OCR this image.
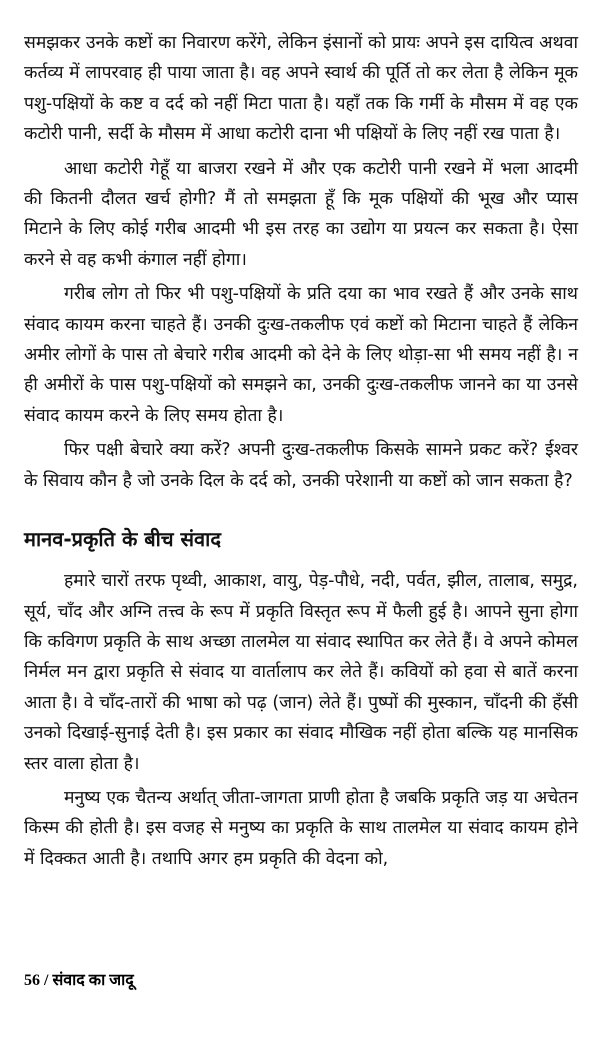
समझकर उनके कष्टों का निवारण करेंगे, लेकिन इंसानों को प्रायः अपने इस दायित्व अथवा कर्तव्य में लापरवाह ही पाया जाता है। वह अपने स्वार्थ की पूर्ति तो कर लेता है लेकिन मूक पशु-पक्षियों के कष्ट व दर्द को नहीं मिटा पाता है। यहाँ तक कि गर्मी के मौसम में वह एक कटोरी पानी, सर्दी के मौसम में आधा कटोरी दाना भी पक्षियों के लिए नहीं रख पाता है।

आधा कटोरी गेहूँ या बाजरा रखने में और एक कटोरी पानी रखने में भला आदमी की कितनी दौलत खर्च होगी? मैं तो समझता हूँ कि मूक पक्षियों की भूख और प्यास मिटाने के लिए कोई गरीब आदमी भी इस तरह का उद्योग या प्रयत्न कर सकता है। ऐसा करने से वह कभी कंगाल नहीं होगा।

गरीब लोग तो फिर भी पशु-पक्षियों के प्रति दया का भाव रखते हैं और उनके साथ संवाद कायम करना चाहते हैं। उनकी दुःख-तकलीफ एवं कष्टों को मिटाना चाहते हैं लेकिन अमीर लोगों के पास तो बेचारे गरीब आदमी को देने के लिए थोड़ा-सा भी समय नहीं है। न ही अमीरों के पास पशु-पक्षियों को समझने का, उनकी दुःख-तकलीफ जानने का या उनसे संवाद कायम करने के लिए समय होता है।

फिर पक्षी बेचारे क्या करें? अपनी दुःख-तकलीफ किसके सामने प्रकट करें? ईश्वर के सिवाय कौन है जो उनके दिल के दर्द को, उनकी परेशानी या कष्टों को जान सकता है?

मानव-प्रकृति के बीच संवाद

हमारे चारों तरफ पृथ्वी, आकाश, वायु, पेड़-पौधे, नदी, पर्वत, झील, तालाब, समुद्र, सूर्य, चाँद और अग्नि तत्त्व के रूप में प्रकृति विस्तृत रूप में फैली हुई है। आपने सुना होगा कि कविगण प्रकृति के साथ अच्छा तालमेल या संवाद स्थापित कर लेते हैं। वे अपने कोमल निर्मल मन द्वारा प्रकृति से संवाद या वार्तालाप कर लेते हैं। कवियों को हवा से बातें करना आता है। वे चाँद-तारों की भाषा को पढ़ (जान) लेते हैं। पुष्पों की मुस्कान, चाँदनी की हँसी उनको दिखाई-सुनाई देती है। इस प्रकार का संवाद मौखिक नहीं होता बल्कि यह मानसिक स्तर वाला होता है।

मनुष्य एक चैतन्य अर्थात् जीता-जागता प्राणी होता है जबकि प्रकृति जड़ या अचेतन किस्म की होती है। इस वजह से मनुष्य का प्रकृति के साथ तालमेल या संवाद कायम होने में दिक्कत आती है। तथापि अगर हम प्रकृति की वेदना को,

56 / संवाद का जादू
